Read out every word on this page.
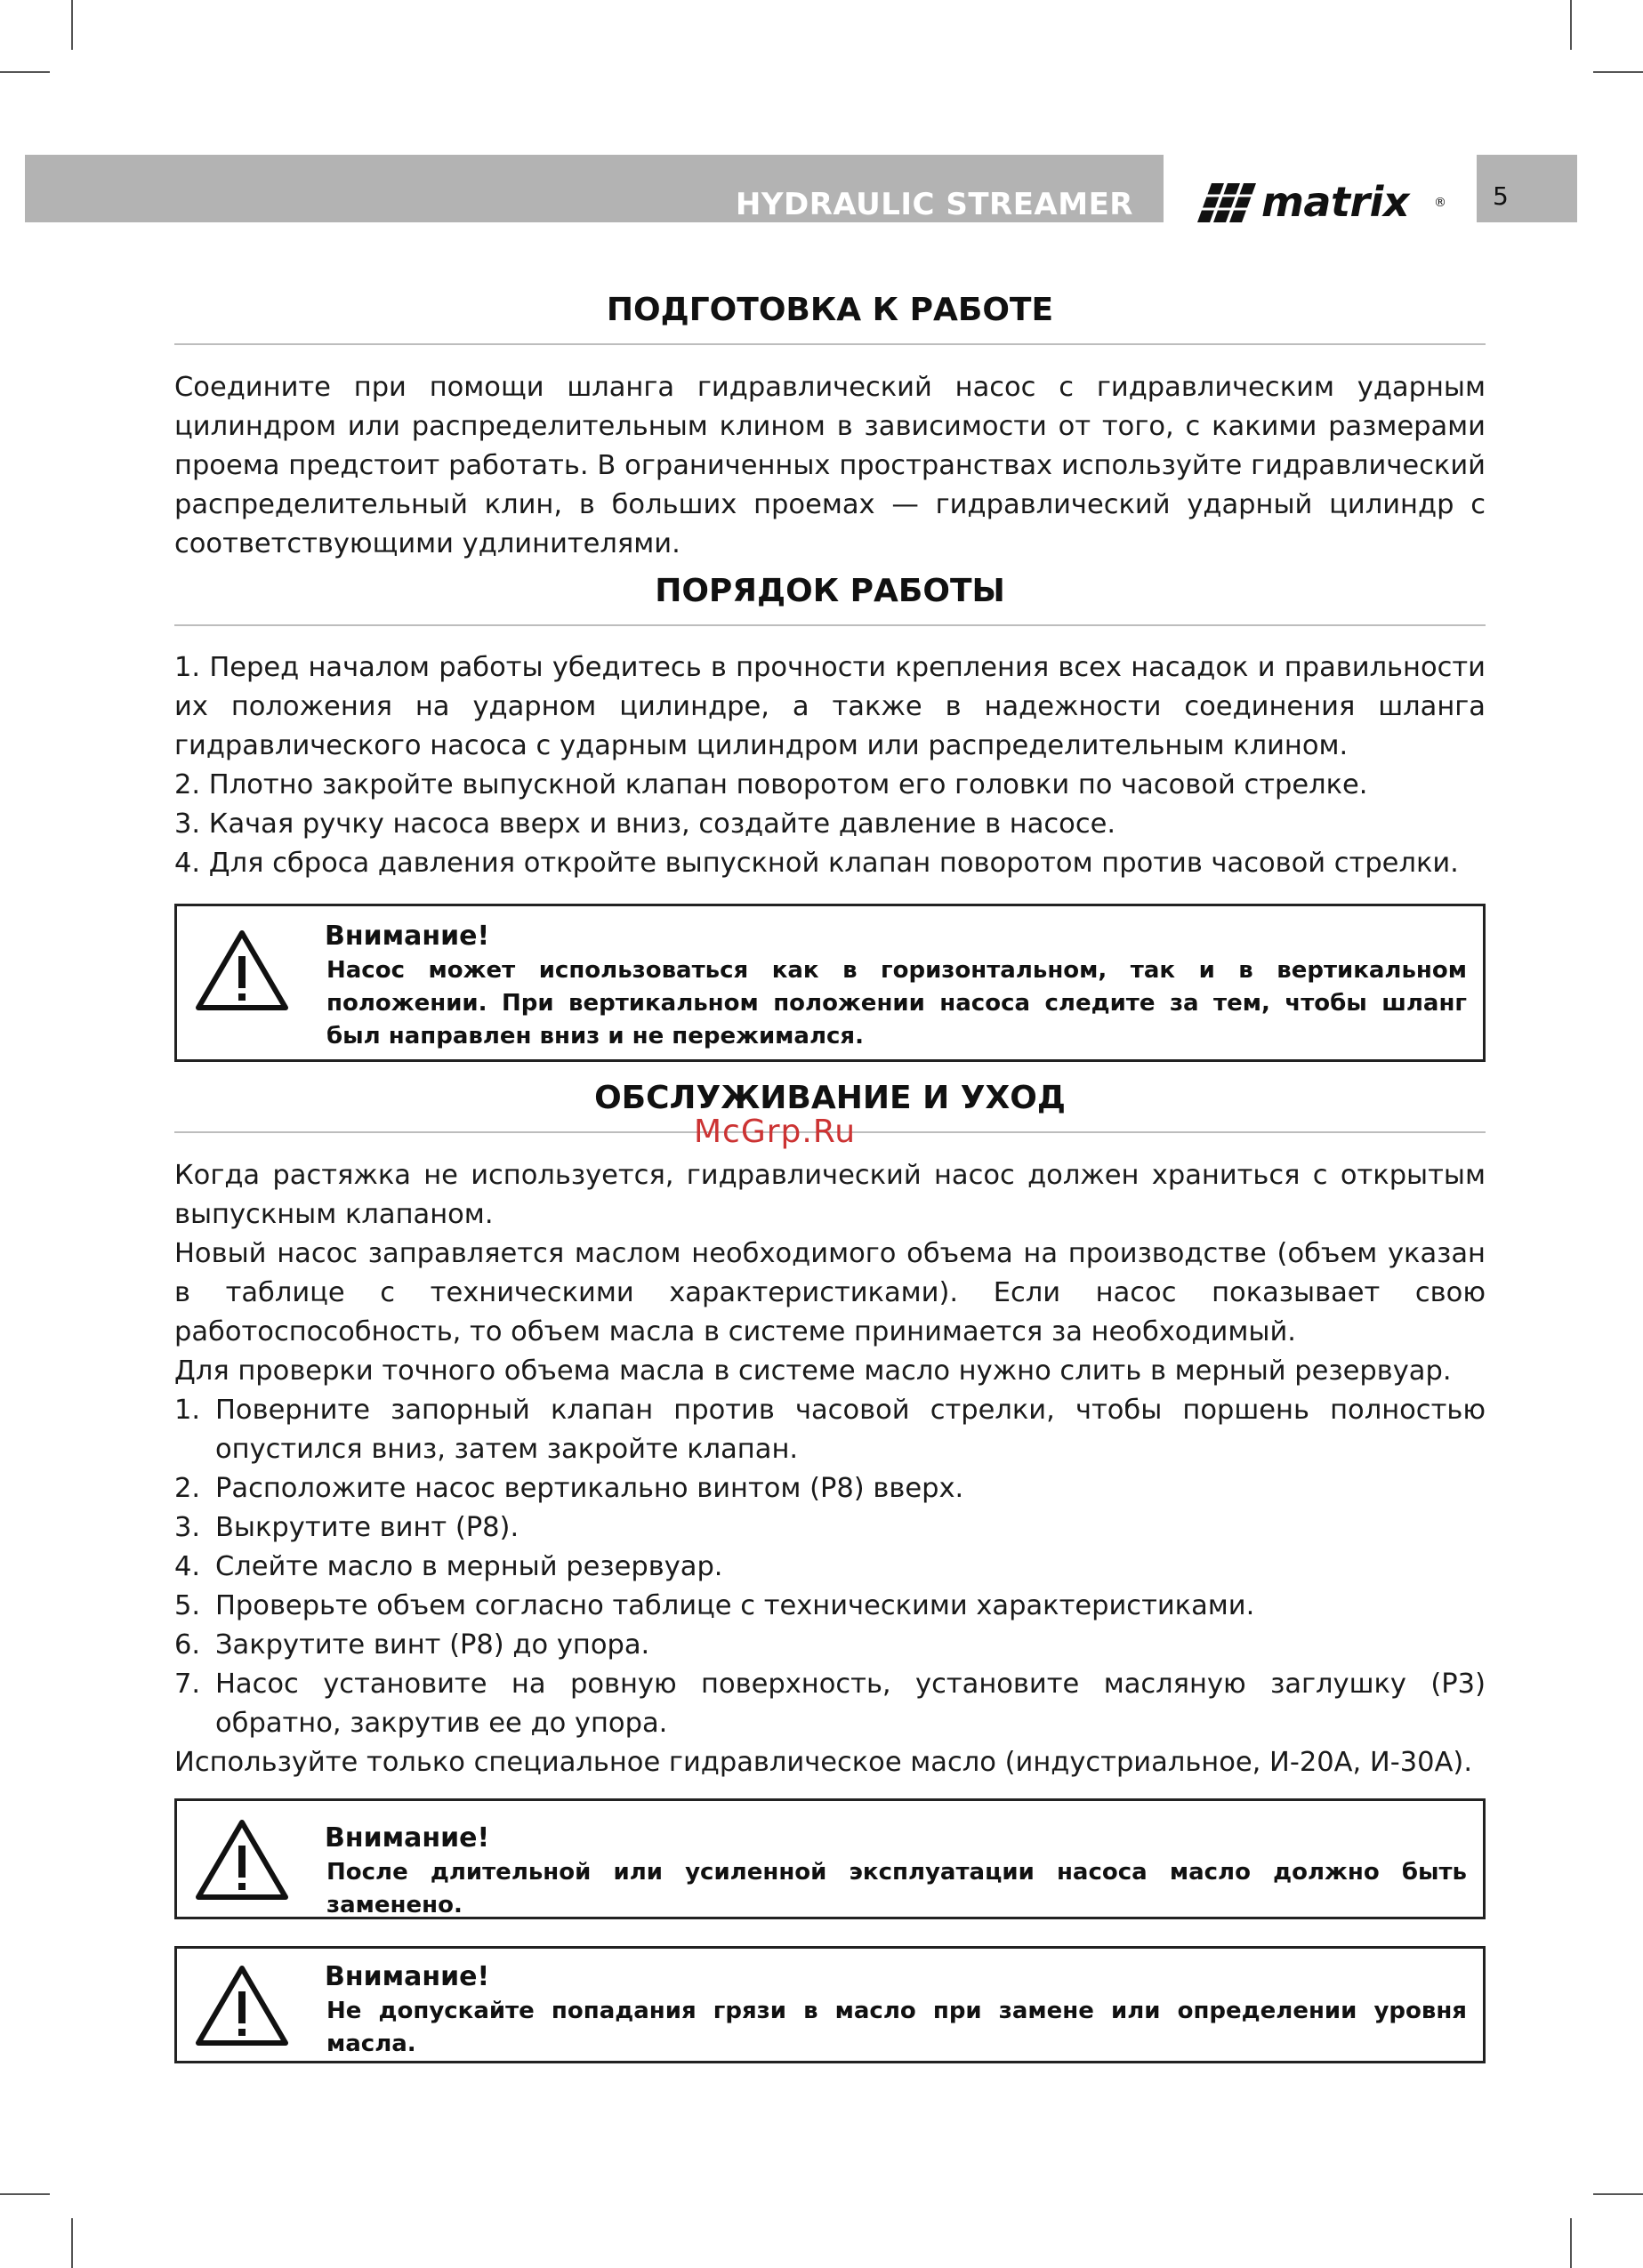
HYDRAULIC STREAMER	matrix ® 5
ПОДГОТОВКА К РАБОТЕ

Соедините при помощи шланга гидравлический насос с гидравлическим ударным цилиндром или распределительным клином в зависимости от того, с какими размерами проема предстоит работать. В ограниченных пространствах используйте гидравлический распределительный клин, в больших проемах — гидравлический ударный цилиндр с соответствующими удлинителями.

ПОРЯДОК РАБОТЫ

1. Перед началом работы убедитесь в прочности крепления всех насадок и правильности их положения на ударном цилиндре, а также в надежности соединения шланга гидравлического насоса с ударным цилиндром или распределительным клином.

2. Плотно закройте выпускной клапан поворотом его головки по часовой стрелке.

3. Качая ручку насоса вверх и вниз, создайте давление в насосе.

4. Для сброса давления откройте выпускной клапан поворотом против часовой стрелки.

Внимание!
Насос может использоваться как в горизонтальном, так и в вертикальном положении. При вертикальном положении насоса следите за тем, чтобы шланг был направлен вниз и не пережимался.
ОБСЛУЖИВАНИЕ И УХОД
McGrp.Ru

Когда растяжка не используется, гидравлический насос должен храниться с открытым выпускным клапаном.

Новый насос заправляется маслом необходимого объема на производстве (объем указан в таблице с техническими характеристиками). Если насос показывает свою работоспособность, то объем масла в системе принимается за необходимый.

Для проверки точного объема масла в системе масло нужно слить в мерный резервуар.

1. Поверните запорный клапан против часовой стрелки, чтобы поршень полностью опустился вниз, затем закройте клапан.
2. Расположите насос вертикально винтом (P8) вверх.
3. Выкрутите винт (P8).
4. Слейте масло в мерный резервуар.
5. Проверьте объем согласно таблице с техническими характеристиками.
6. Закрутите винт (P8) до упора.
7. Насос установите на ровную поверхность, установите масляную заглушку (P3) обратно, закрутив ее до упора.

Используйте только специальное гидравлическое масло (индустриальное, И-20А, И-30А).

Внимание!
После длительной или усиленной эксплуатации насоса масло должно быть заменено.
Внимание!
Не допускайте попадания грязи в масло при замене или определении уровня масла.
